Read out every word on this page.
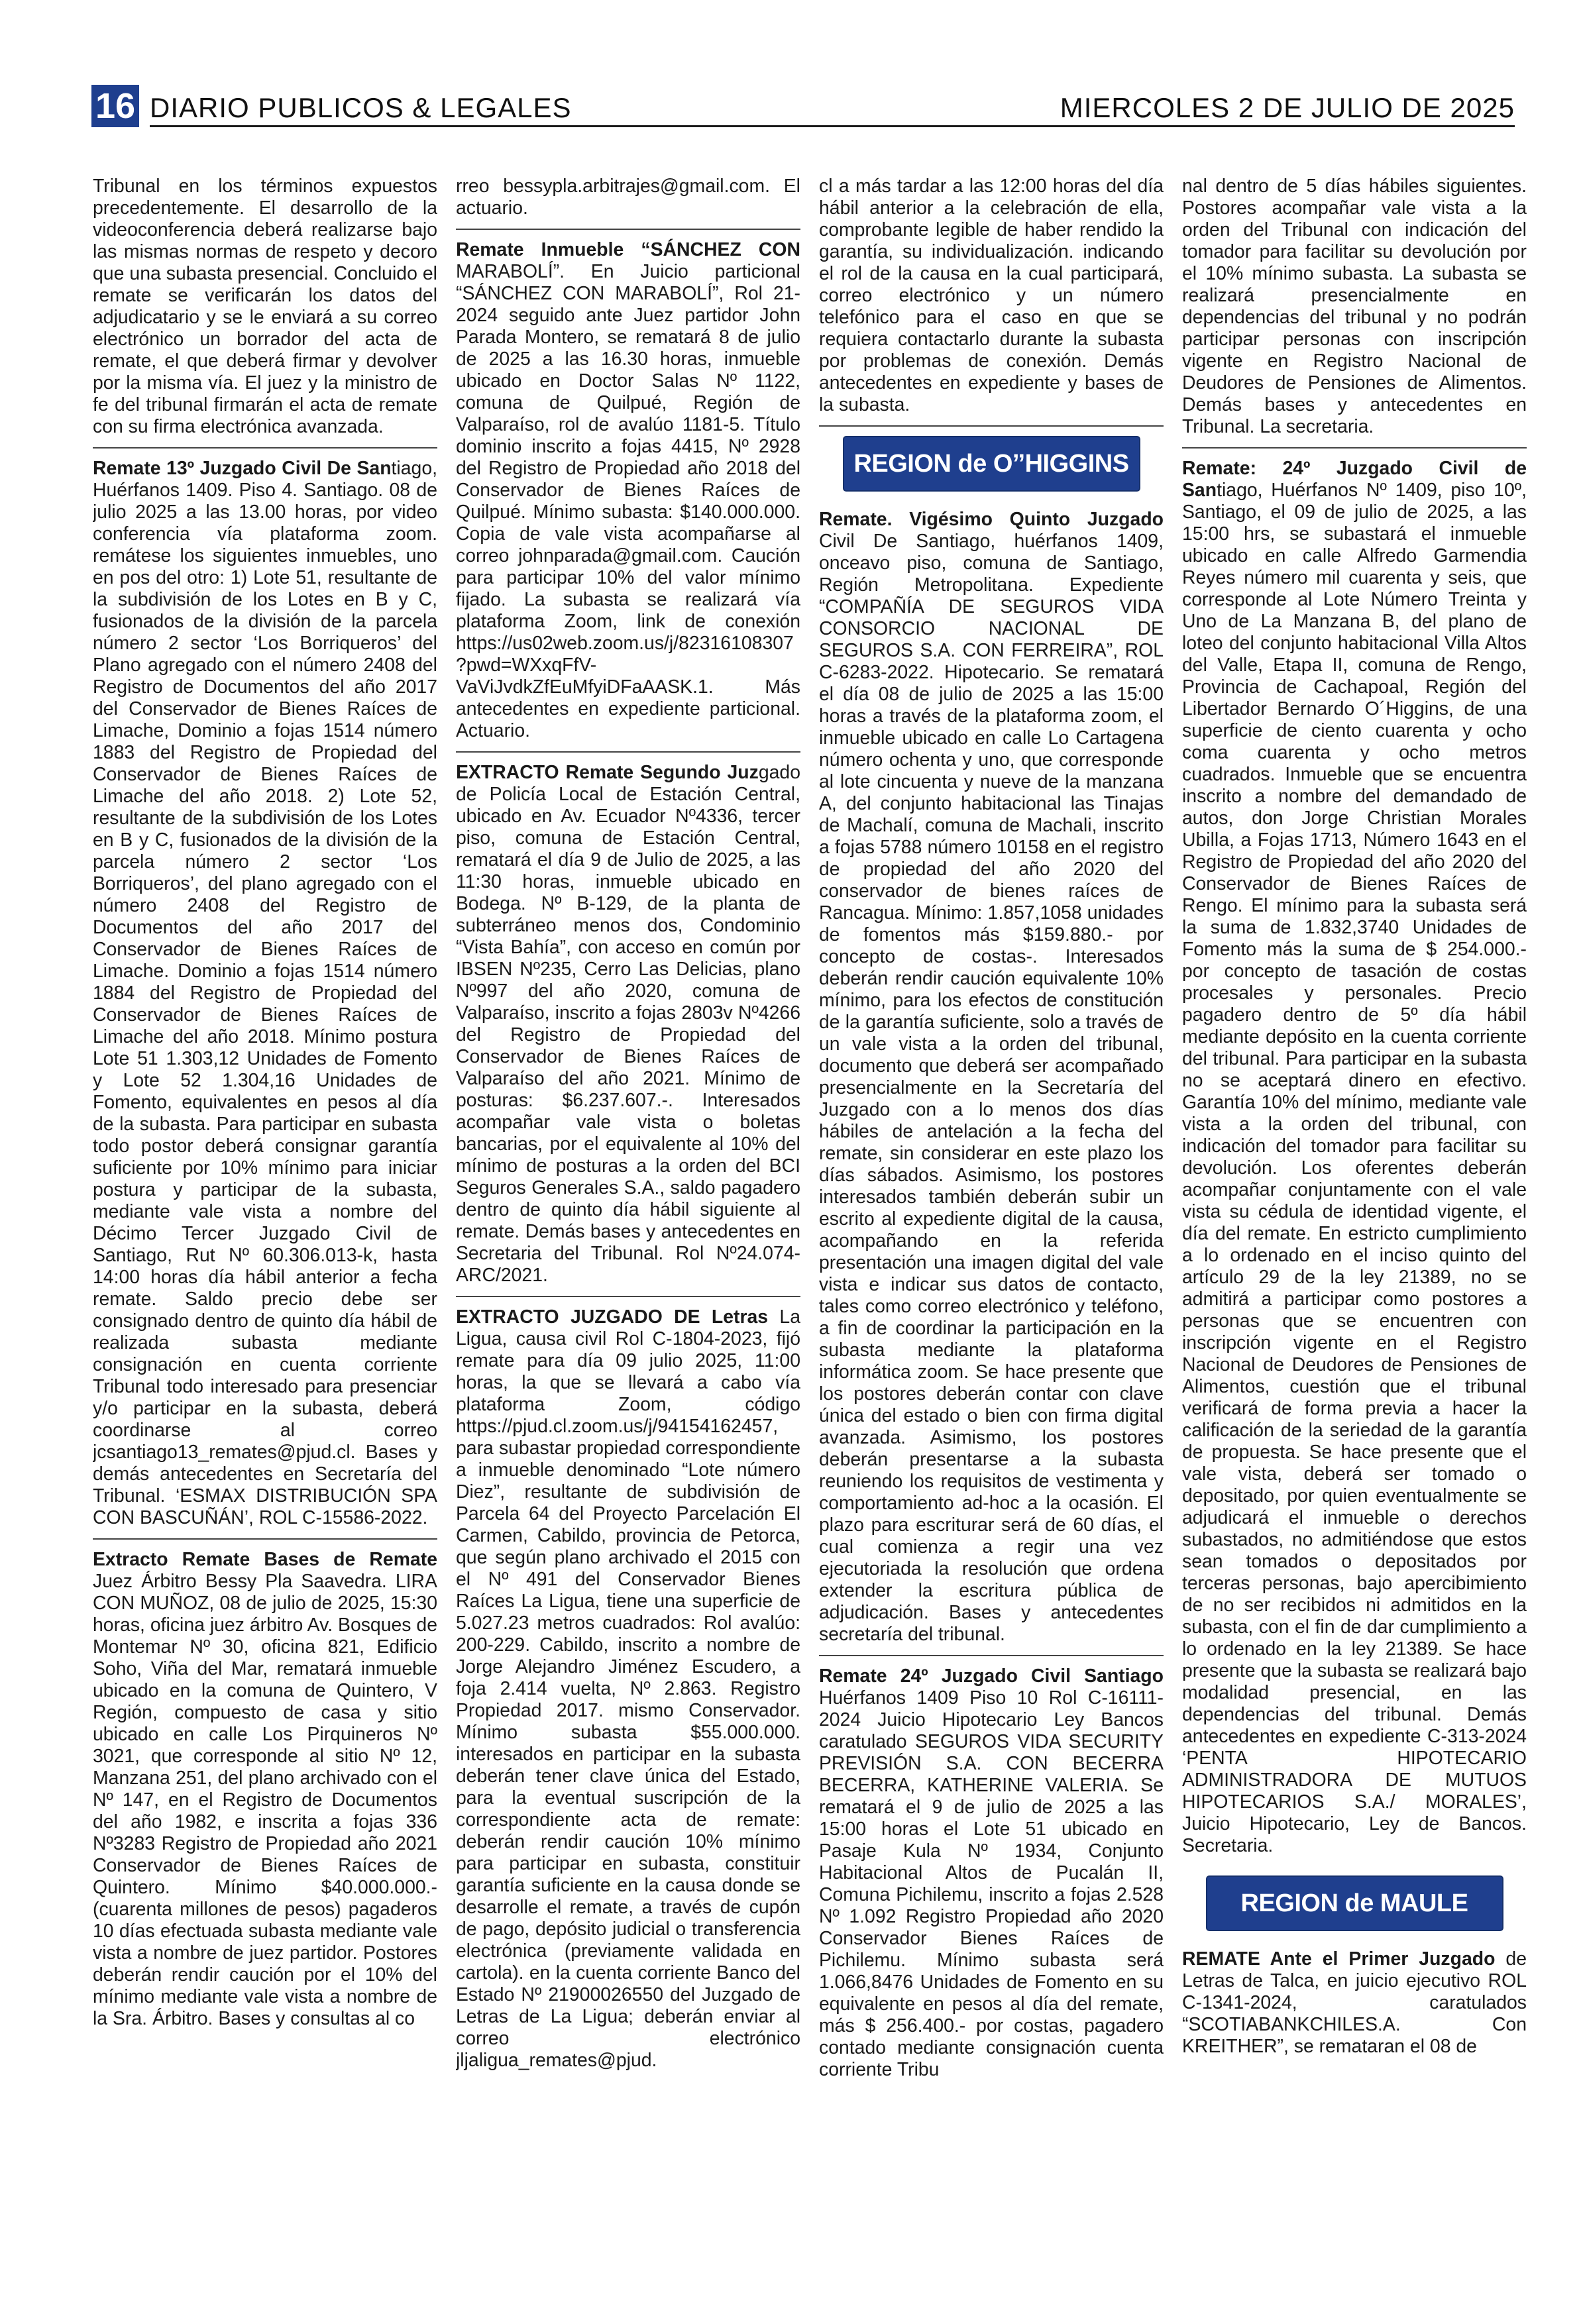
16 DIARIO PUBLICOS & LEGALES	MIERCOLES 2 DE JULIO DE 2025

Tribunal en los términos expuestos precedentemente. El desarrollo de la videoconferencia deberá realizarse bajo las mismas normas de respeto y decoro que una subasta presencial. Concluido el remate se verificarán los datos del adjudicatario y se le enviará a su correo electrónico un borrador del acta de remate, el que deberá firmar y devolver por la misma vía. El juez y la ministro de fe del tribunal firmarán el acta de remate con su firma electrónica avanzada.

Remate 13º Juzgado Civil De Santiago, Huérfanos 1409. Piso 4. Santiago. 08 de julio 2025 a las 13.00 horas, por video conferencia vía plataforma zoom. remátese los siguientes inmuebles, uno en pos del otro: 1) Lote 51, resultante de la subdivisión de los Lotes en B y C, fusionados de la división de la parcela número 2 sector ‘Los Borriqueros’ del Plano agregado con el número 2408 del Registro de Documentos del año 2017 del Conservador de Bienes Raíces de Limache, Dominio a fojas 1514 número 1883 del Registro de Propiedad del Conservador de Bienes Raíces de Limache del año 2018. 2) Lote 52, resultante de la subdivisión de los Lotes en B y C, fusionados de la división de la parcela número 2 sector ‘Los Borriqueros’, del plano agregado con el número 2408 del Registro de Documentos del año 2017 del Conservador de Bienes Raíces de Limache. Dominio a fojas 1514 número 1884 del Registro de Propiedad del Conservador de Bienes Raíces de Limache del año 2018. Mínimo postura Lote 51 1.303,12 Unidades de Fomento y Lote 52 1.304,16 Unidades de Fomento, equivalentes en pesos al día de la subasta. Para participar en subasta todo postor deberá consignar garantía suficiente por 10% mínimo para iniciar postura y participar de la subasta, mediante vale vista a nombre del Décimo Tercer Juzgado Civil de Santiago, Rut Nº 60.306.013-k, hasta 14:00 horas día hábil anterior a fecha remate. Saldo precio debe ser consignado dentro de quinto día hábil de realizada subasta mediante consignación en cuenta corriente Tribunal todo interesado para presenciar y/o participar en la subasta, deberá coordinarse al correo jcsantiago13_remates@pjud.cl. Bases y demás antecedentes en Secretaría del Tribunal. ‘ESMAX DISTRIBUCIÓN SPA CON BASCUÑÁN’, ROL C-15586-2022.

Extracto Remate Bases de Remate Juez Árbitro Bessy Pla Saavedra. LIRA CON MUÑOZ, 08 de julio de 2025, 15:30 horas, oficina juez árbitro Av. Bosques de Montemar Nº 30, oficina 821, Edificio Soho, Viña del Mar, rematará inmueble ubicado en la comuna de Quintero, V Región, compuesto de casa y sitio ubicado en calle Los Pirquineros Nº 3021, que corresponde al sitio Nº 12, Manzana 251, del plano archivado con el Nº 147, en el Registro de Documentos del año 1982, e inscrita a fojas 336 Nº3283 Registro de Propiedad año 2021 Conservador de Bienes Raíces de Quintero. Mínimo $40.000.000.- (cuarenta millones de pesos) pagaderos 10 días efectuada subasta mediante vale vista a nombre de juez partidor. Postores deberán rendir caución por el 10% del mínimo mediante vale vista a nombre de la Sra. Árbitro. Bases y consultas al co

rreo bessypla.arbitrajes@gmail.com. El actuario.

Remate Inmueble “SÁNCHEZ CON MARABOLÍ”. En Juicio particional “SÁNCHEZ CON MARABOLÍ”, Rol 21-2024 seguido ante Juez partidor John Parada Montero, se rematará 8 de julio de 2025 a las 16.30 horas, inmueble ubicado en Doctor Salas Nº 1122, comuna de Quilpué, Región de Valparaíso, rol de avalúo 1181-5. Título dominio inscrito a fojas 4415, Nº 2928 del Registro de Propiedad año 2018 del Conservador de Bienes Raíces de Quilpué. Mínimo subasta: $140.000.000. Copia de vale vista acompañarse al correo johnparada@gmail.com. Caución para participar 10% del valor mínimo fijado. La subasta se realizará vía plataforma Zoom, link de conexión https://us02web.zoom.us/j/82316108307?pwd=WXxqFfV-VaViJvdkZfEuMfyiDFaAASK.1. Más antecedentes en expediente particional. Actuario.

EXTRACTO Remate Segundo Juzgado de Policía Local de Estación Central, ubicado en Av. Ecuador Nº4336, tercer piso, comuna de Estación Central, rematará el día 9 de Julio de 2025, a las 11:30 horas, inmueble ubicado en Bodega. Nº B-129, de la planta de subterráneo menos dos, Condominio “Vista Bahía”, con acceso en común por IBSEN Nº235, Cerro Las Delicias, plano Nº997 del año 2020, comuna de Valparaíso, inscrito a fojas 2803v Nº4266 del Registro de Propiedad del Conservador de Bienes Raíces de Valparaíso del año 2021. Mínimo de posturas: $6.237.607.-. Interesados acompañar vale vista o boletas bancarias, por el equivalente al 10% del mínimo de posturas a la orden del BCI Seguros Generales S.A., saldo pagadero dentro de quinto día hábil siguiente al remate. Demás bases y antecedentes en Secretaria del Tribunal. Rol Nº24.074-ARC/2021.

EXTRACTO JUZGADO DE Letras La Ligua, causa civil Rol C-1804-2023, fijó remate para día 09 julio 2025, 11:00 horas, la que se llevará a cabo vía plataforma Zoom, código https://pjud.cl.zoom.us/j/94154162457, para subastar propiedad correspondiente a inmueble denominado “Lote número Diez”, resultante de subdivisión de Parcela 64 del Proyecto Parcelación El Carmen, Cabildo, provincia de Petorca, que según plano archivado el 2015 con el Nº 491 del Conservador Bienes Raíces La Ligua, tiene una superficie de 5.027.23 metros cuadrados: Rol avalúo: 200-229. Cabildo, inscrito a nombre de Jorge Alejandro Jiménez Escudero, a foja 2.414 vuelta, Nº 2.863. Registro Propiedad 2017. mismo Conservador. Mínimo subasta $55.000.000. interesados en participar en la subasta deberán tener clave única del Estado, para la eventual suscripción de la correspondiente acta de remate: deberán rendir caución 10% mínimo para participar en subasta, constituir garantía suficiente en la causa donde se desarrolle el remate, a través de cupón de pago, depósito judicial o transferencia electrónica (previamente validada en cartola). en la cuenta corriente Banco del Estado Nº 21900026550 del Juzgado de Letras de La Ligua; deberán enviar al correo electrónico jljaligua_remates@pjud.

cl a más tardar a las 12:00 horas del día hábil anterior a la celebración de ella, comprobante legible de haber rendido la garantía, su individualización. indicando el rol de la causa en la cual participará, correo electrónico y un número telefónico para el caso en que se requiera contactarlo durante la subasta por problemas de conexión. Demás antecedentes en expediente y bases de la subasta.

REGION de O’’HIGGINS

Remate. Vigésimo Quinto Juzgado Civil De Santiago, huérfanos 1409, onceavo piso, comuna de Santiago, Región Metropolitana. Expediente “COMPAÑÍA DE SEGUROS VIDA CONSORCIO NACIONAL DE SEGUROS S.A. CON FERREIRA”, ROL C-6283-2022. Hipotecario. Se rematará el día 08 de julio de 2025 a las 15:00 horas a través de la plataforma zoom, el inmueble ubicado en calle Lo Cartagena número ochenta y uno, que corresponde al lote cincuenta y nueve de la manzana A, del conjunto habitacional las Tinajas de Machalí, comuna de Machali, inscrito a fojas 5788 número 10158 en el registro de propiedad del año 2020 del conservador de bienes raíces de Rancagua. Mínimo: 1.857,1058 unidades de fomentos más $159.880.- por concepto de costas-. Interesados deberán rendir caución equivalente 10% mínimo, para los efectos de constitución de la garantía suficiente, solo a través de un vale vista a la orden del tribunal, documento que deberá ser acompañado presencialmente en la Secretaría del Juzgado con a lo menos dos días hábiles de antelación a la fecha del remate, sin considerar en este plazo los días sábados. Asimismo, los postores interesados también deberán subir un escrito al expediente digital de la causa, acompañando en la referida presentación una imagen digital del vale vista e indicar sus datos de contacto, tales como correo electrónico y teléfono, a fin de coordinar la participación en la subasta mediante la plataforma informática zoom. Se hace presente que los postores deberán contar con clave única del estado o bien con firma digital avanzada. Asimismo, los postores deberán presentarse a la subasta reuniendo los requisitos de vestimenta y comportamiento ad-hoc a la ocasión. El plazo para escriturar será de 60 días, el cual comienza a regir una vez ejecutoriada la resolución que ordena extender la escritura pública de adjudicación. Bases y antecedentes secretaría del tribunal.

Remate 24º Juzgado Civil Santiago Huérfanos 1409 Piso 10 Rol C-16111-2024 Juicio Hipotecario Ley Bancos caratulado SEGUROS VIDA SECURITY PREVISIÓN S.A. CON BECERRA BECERRA, KATHERINE VALERIA. Se rematará el 9 de julio de 2025 a las 15:00 horas el Lote 51 ubicado en Pasaje Kula Nº 1934, Conjunto Habitacional Altos de Pucalán II, Comuna Pichilemu, inscrito a fojas 2.528 Nº 1.092 Registro Propiedad año 2020 Conservador Bienes Raíces de Pichilemu. Mínimo subasta será 1.066,8476 Unidades de Fomento en su equivalente en pesos al día del remate, más $ 256.400.- por costas, pagadero contado mediante consignación cuenta corriente Tribu

nal dentro de 5 días hábiles siguientes. Postores acompañar vale vista a la orden del Tribunal con indicación del tomador para facilitar su devolución por el 10% mínimo subasta. La subasta se realizará presencialmente en dependencias del tribunal y no podrán participar personas con inscripción vigente en Registro Nacional de Deudores de Pensiones de Alimentos. Demás bases y antecedentes en Tribunal. La secretaria.

Remate: 24º Juzgado Civil de Santiago, Huérfanos Nº 1409, piso 10º, Santiago, el 09 de julio de 2025, a las 15:00 hrs, se subastará el inmueble ubicado en calle Alfredo Garmendia Reyes número mil cuarenta y seis, que corresponde al Lote Número Treinta y Uno de La Manzana B, del plano de loteo del conjunto habitacional Villa Altos del Valle, Etapa II, comuna de Rengo, Provincia de Cachapoal, Región del Libertador Bernardo O´Higgins, de una superficie de ciento cuarenta y ocho coma cuarenta y ocho metros cuadrados. Inmueble que se encuentra inscrito a nombre del demandado de autos, don Jorge Christian Morales Ubilla, a Fojas 1713, Número 1643 en el Registro de Propiedad del año 2020 del Conservador de Bienes Raíces de Rengo. El mínimo para la subasta será la suma de 1.832,3740 Unidades de Fomento más la suma de $ 254.000.- por concepto de tasación de costas procesales y personales. Precio pagadero dentro de 5º día hábil mediante depósito en la cuenta corriente del tribunal. Para participar en la subasta no se aceptará dinero en efectivo. Garantía 10% del mínimo, mediante vale vista a la orden del tribunal, con indicación del tomador para facilitar su devolución. Los oferentes deberán acompañar conjuntamente con el vale vista su cédula de identidad vigente, el día del remate. En estricto cumplimiento a lo ordenado en el inciso quinto del artículo 29 de la ley 21389, no se admitirá a participar como postores a personas que se encuentren con inscripción vigente en el Registro Nacional de Deudores de Pensiones de Alimentos, cuestión que el tribunal verificará de forma previa a hacer la calificación de la seriedad de la garantía de propuesta. Se hace presente que el vale vista, deberá ser tomado o depositado, por quien eventualmente se adjudicará el inmueble o derechos subastados, no admitiéndose que estos sean tomados o depositados por terceras personas, bajo apercibimiento de no ser recibidos ni admitidos en la subasta, con el fin de dar cumplimiento a lo ordenado en la ley 21389. Se hace presente que la subasta se realizará bajo modalidad presencial, en las dependencias del tribunal. Demás antecedentes en expediente C-313-2024 ‘PENTA HIPOTECARIO ADMINISTRADORA DE MUTUOS HIPOTECARIOS S.A./ MORALES’, Juicio Hipotecario, Ley de Bancos. Secretaria.

REGION de MAULE

REMATE Ante el Primer Juzgado de Letras de Talca, en juicio ejecutivo ROL C-1341-2024, caratulados “SCOTIABANKCHILES.A. Con KREITHER”, se remataran el 08 de
